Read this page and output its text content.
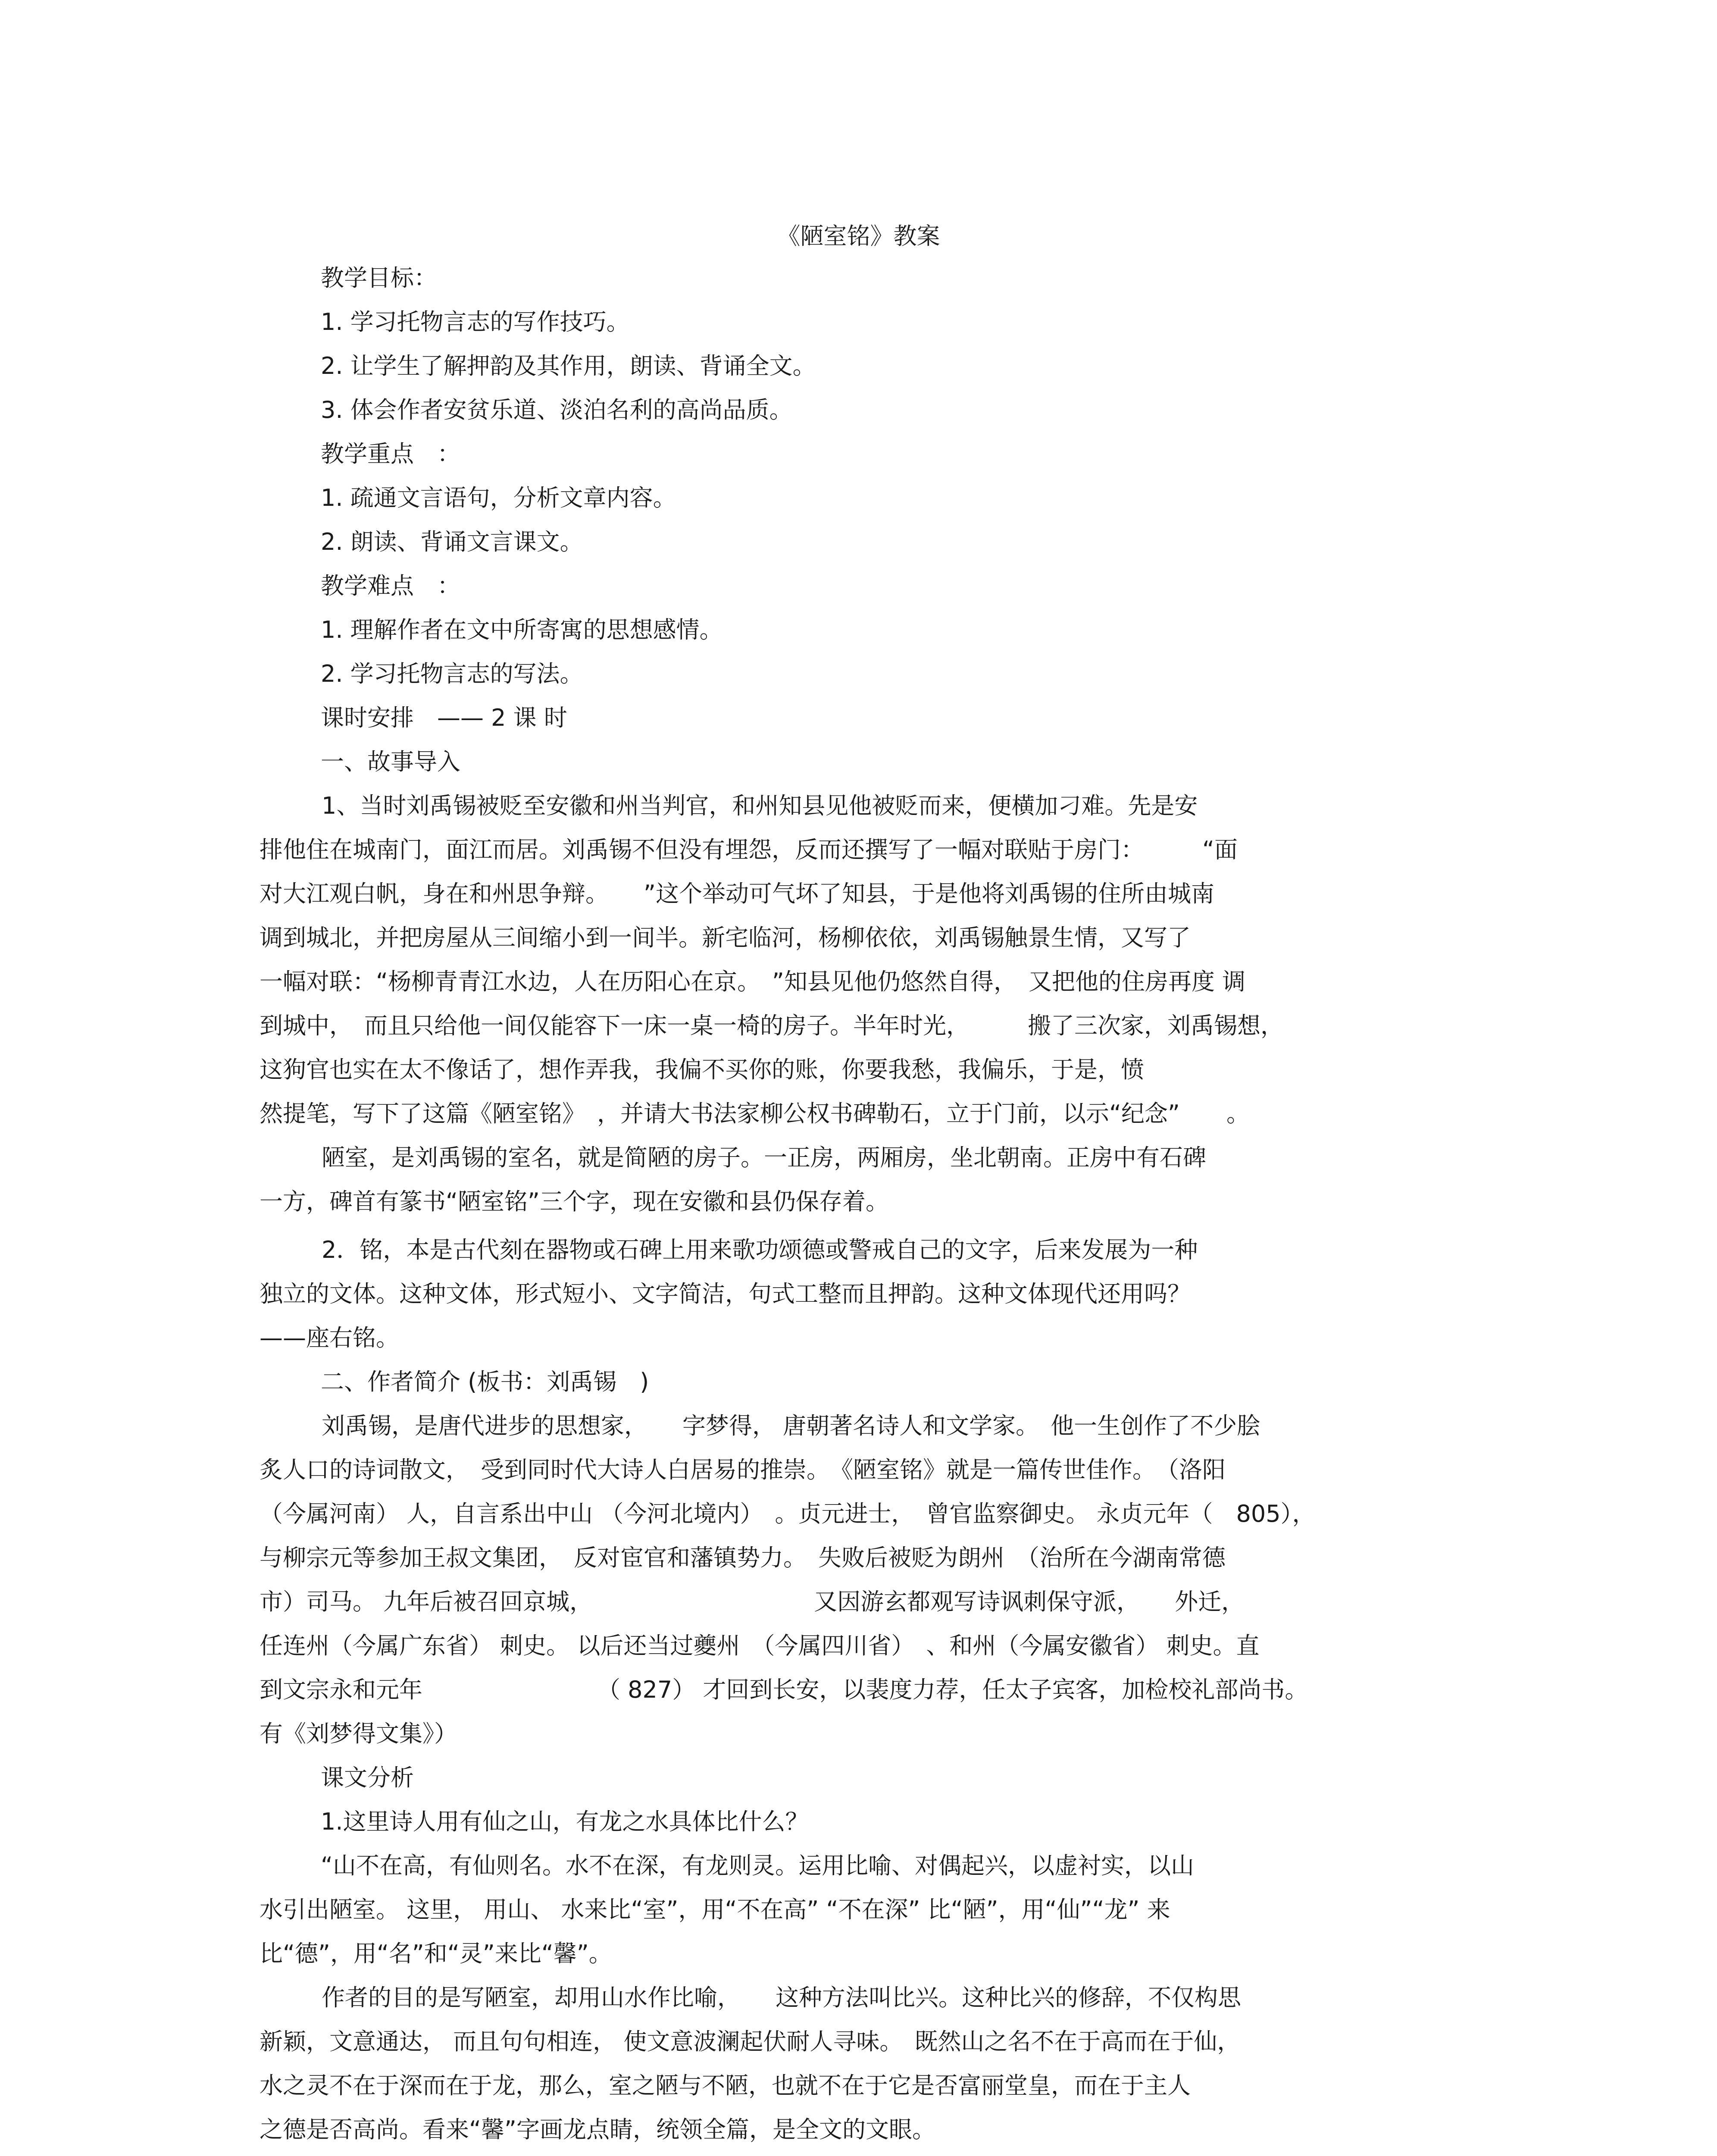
《陋室铭》教案
教学目标：
1. 学习托物言志的写作技巧。
2. 让学生了解押韵及其作用，朗读、背诵全文。
3. 体会作者安贫乐道、淡泊名利的高尚品质。
教学重点　：
1. 疏通文言语句，分析文章内容。
2. 朗读、背诵文言课文。
教学难点　：
1. 理解作者在文中所寄寓的思想感情。
2. 学习托物言志的写法。
课时安排　—— 2 课 时
一、故事导入
1、当时刘禹锡被贬至安徽和州当判官，和州知县见他被贬而来，便横加刁难。先是安
排他住在城南门，面江而居。刘禹锡不但没有埋怨，反而还撰写了一幅对联贴于房门：　　　“面
对大江观白帆，身在和州思争辩。　　”这个举动可气坏了知县，于是他将刘禹锡的住所由城南
调到城北，并把房屋从三间缩小到一间半。新宅临河，杨柳依依，刘禹锡触景生情，又写了
一幅对联：“杨柳青青江水边，人在历阳心在京。　”知县见他仍悠然自得，　又把他的住房再度 调
到城中，　而且只给他一间仅能容下一床一桌一椅的房子。半年时光，　　　搬了三次家，刘禹锡想，
这狗官也实在太不像话了，想作弄我，我偏不买你的账，你要我愁，我偏乐，于是，愤
然提笔，写下了这篇《陋室铭》　，并请大书法家柳公权书碑勒石，立于门前，以示“纪念”　　。
陋室，是刘禹锡的室名，就是简陋的房子。一正房，两厢房，坐北朝南。正房中有石碑
一方，碑首有篆书“陋室铭”三个字，现在安徽和县仍保存着。
2．铭，本是古代刻在器物或石碑上用来歌功颂德或警戒自己的文字，后来发展为一种
独立的文体。这种文体，形式短小、文字简洁，句式工整而且押韵。这种文体现代还用吗？
——座右铭。
二、作者简介 (板书：刘禹锡　)
刘禹锡，是唐代进步的思想家，　　字梦得， 唐朝著名诗人和文学家。　他一生创作了不少脍
炙人口的诗词散文，　受到同时代大诗人白居易的推崇。　《陋室铭》就是一篇传世佳作。　（洛阳
（今属河南） 人，自言系出中山 （今河北境内）　。贞元进士，　曾官监察御史。 永贞元年（　805），
与柳宗元等参加王叔文集团，　反对宦官和藩镇势力。　失败后被贬为朗州　（治所在今湖南常德
市）司马。 九年后被召回京城，　　　　　　　　　　又因游玄都观写诗讽刺保守派，　　外迁，
任连州（今属广东省） 刺史。 以后还当过夔州　（今属四川省）　、和州（今属安徽省） 刺史。直
到文宗永和元年　　　　　　　　（ 827） 才回到长安，以裴度力荐，任太子宾客，加检校礼部尚书。
有《刘梦得文集》）
课文分析
1.这里诗人用有仙之山，有龙之水具体比什么？
“山不在高，有仙则名。水不在深，有龙则灵。运用比喻、对偶起兴，以虚衬实，以山
水引出陋室。 这里， 用山、 水来比“室”，用“不在高” “不在深” 比“陋”，用“仙”“龙” 来
比“德”，用“名”和“灵”来比“馨”。
作者的目的是写陋室，却用山水作比喻，　　这种方法叫比兴。这种比兴的修辞，不仅构思
新颖，文意通达， 而且句句相连， 使文意波澜起伏耐人寻味。　既然山之名不在于高而在于仙，
水之灵不在于深而在于龙，那么，室之陋与不陋，也就不在于它是否富丽堂皇，而在于主人
之德是否高尚。看来“馨”字画龙点睛，统领全篇，是全文的文眼。
